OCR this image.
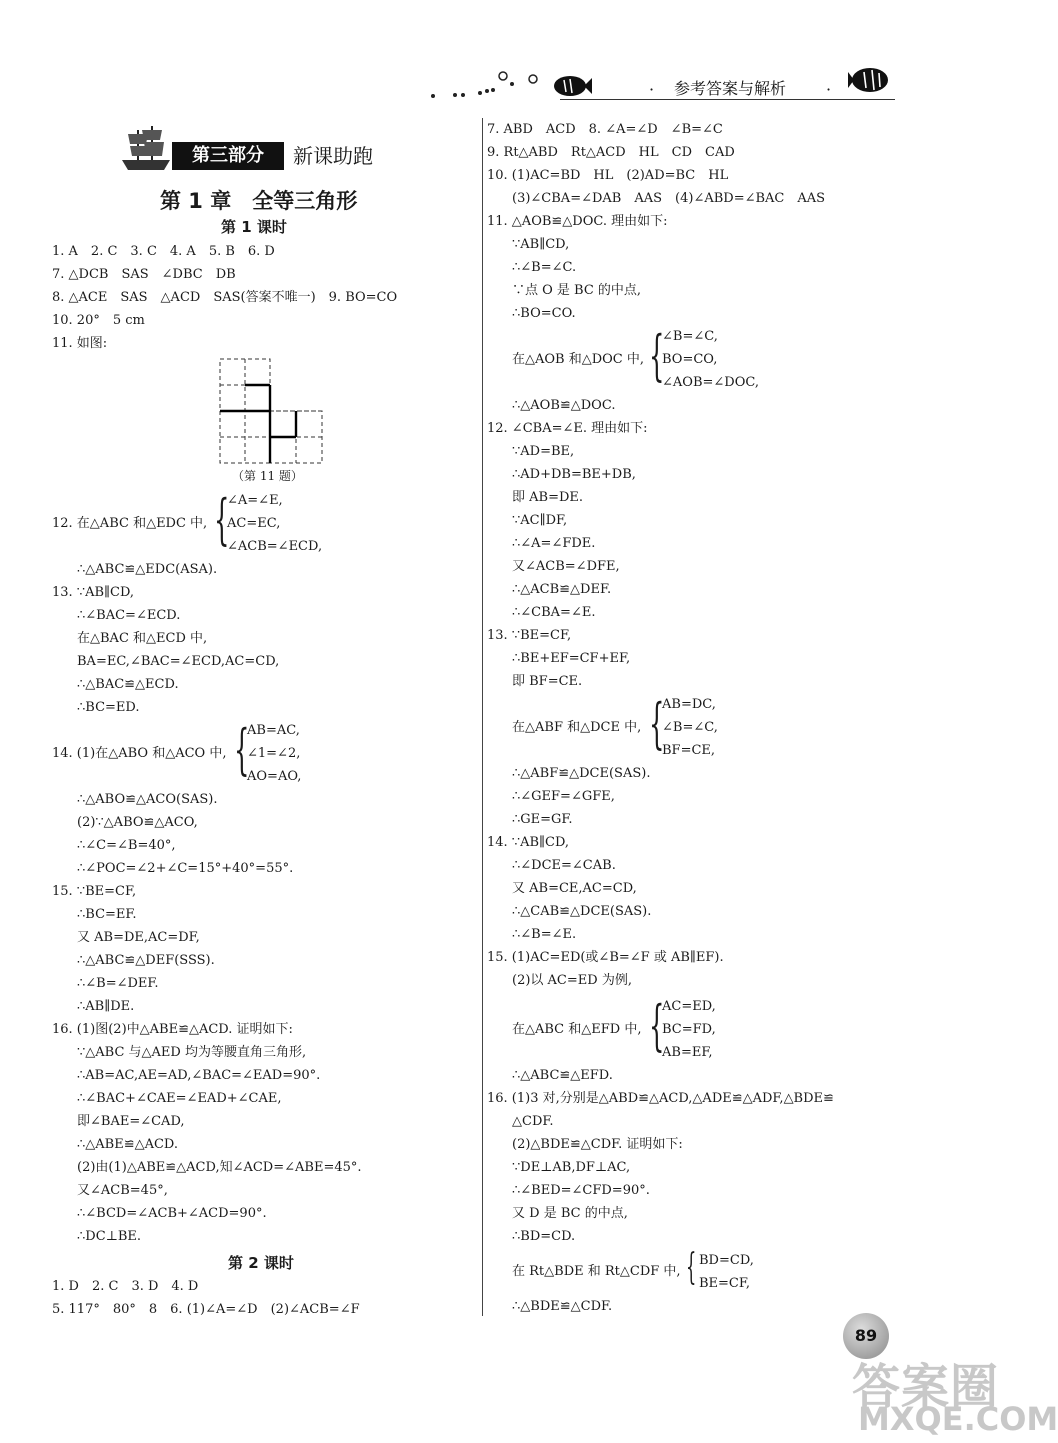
· 参考答案与解析 ·
第三部分	新课助跑
第 1 章　全等三角形
第 1 课时
1. A　2. C　3. C　4. A　5. B　6. D
7. △DCB　SAS　∠DBC　DB
8. △ACE　SAS　△ACD　SAS(答案不唯一)　9. BO=CO
10. 20°　5 cm
11. 如图:
（第 11 题）
12. 在△ABC 和△EDC 中, {
∠A=∠E,
AC=EC,
∠ACB=∠ECD,
∴△ABC≌△EDC(ASA).
13. ∵AB∥CD,
∴∠BAC=∠ECD.
在△BAC 和△ECD 中,
BA=EC,∠BAC=∠ECD,AC=CD,
∴△BAC≌△ECD.
∴BC=ED.
14. (1)在△ABO 和△ACO 中, {
AB=AC,
∠1=∠2,
AO=AO,
∴△ABO≌△ACO(SAS).
(2)∵△ABO≌△ACO,
∴∠C=∠B=40°,
∴∠POC=∠2+∠C=15°+40°=55°.
15. ∵BE=CF,
∴BC=EF.
又 AB=DE,AC=DF,
∴△ABC≌△DEF(SSS).
∴∠B=∠DEF.
∴AB∥DE.
16. (1)图(2)中△ABE≌△ACD. 证明如下:
∵△ABC 与△AED 均为等腰直角三角形,
∴AB=AC,AE=AD,∠BAC=∠EAD=90°.
∴∠BAC+∠CAE=∠EAD+∠CAE,
即∠BAE=∠CAD,
∴△ABE≌△ACD.
(2)由(1)△ABE≌△ACD,知∠ACD=∠ABE=45°.
又∠ACB=45°,
∴∠BCD=∠ACB+∠ACD=90°.
∴DC⊥BE.
第 2 课时
1. D　2. C　3. D　4. D
5. 117°　80°　8　6. (1)∠A=∠D　(2)∠ACB=∠F
7. ABD　ACD　8. ∠A=∠D　∠B=∠C
9. Rt△ABD　Rt△ACD　HL　CD　CAD
10. (1)AC=BD　HL　(2)AD=BC　HL
(3)∠CBA=∠DAB　AAS　(4)∠ABD=∠BAC　AAS
11. △AOB≌△DOC. 理由如下:
∵AB∥CD,
∴∠B=∠C.
∵点 O 是 BC 的中点,
∴BO=CO.
在△AOB 和△DOC 中, {
∠B=∠C,
BO=CO,
∠AOB=∠DOC,
∴△AOB≌△DOC.
12. ∠CBA=∠E. 理由如下:
∵AD=BE,
∴AD+DB=BE+DB,
即 AB=DE.
∵AC∥DF,
∴∠A=∠FDE.
又∠ACB=∠DFE,
∴△ACB≌△DEF.
∴∠CBA=∠E.
13. ∵BE=CF,
∴BE+EF=CF+EF,
即 BF=CE.
在△ABF 和△DCE 中, {
AB=DC,
∠B=∠C,
BF=CE,
∴△ABF≌△DCE(SAS).
∴∠GEF=∠GFE,
∴GE=GF.
14. ∵AB∥CD,
∴∠DCE=∠CAB.
又 AB=CE,AC=CD,
∴△CAB≌△DCE(SAS).
∴∠B=∠E.
15. (1)AC=ED(或∠B=∠F 或 AB∥EF).
(2)以 AC=ED 为例,
在△ABC 和△EFD 中, {
AC=ED,
BC=FD,
AB=EF,
∴△ABC≌△EFD.
16. (1)3 对,分别是△ABD≌△ACD,△ADE≌△ADF,△BDE≌
△CDF.
(2)△BDE≌△CDF. 证明如下:
∵DE⊥AB,DF⊥AC,
∴∠BED=∠CFD=90°.
又 D 是 BC 的中点,
∴BD=CD.
在 Rt△BDE 和 Rt△CDF 中, { BD=CD,
BE=CF,
∴△BDE≌△CDF.
89
答案圈
MXQE.COM
